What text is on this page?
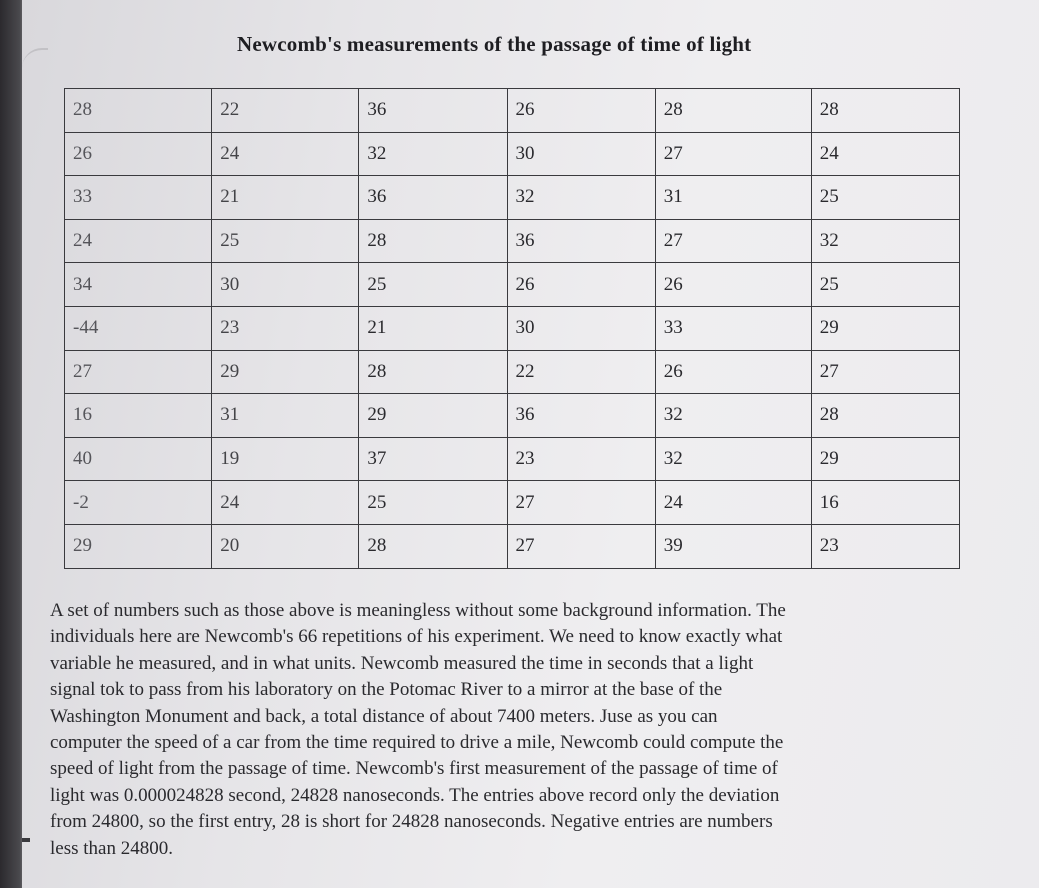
Newcomb's measurements of the passage of time of light
28	22	36	26	28	28
26	24	32	30	27	24
33	21	36	32	31	25
24	25	28	36	27	32
34	30	25	26	26	25
-44	23	21	30	33	29
27	29	28	22	26	27
16	31	29	36	32	28
40	19	37	23	32	29
-2	24	25	27	24	16
29	20	28	27	39	23

A set of numbers such as those above is meaningless without some background information. The

individuals here are Newcomb's 66 repetitions of his experiment. We need to know exactly what

variable he measured, and in what units. Newcomb measured the time in seconds that a light

signal tok to pass from his laboratory on the Potomac River to a mirror at the base of the

Washington Monument and back, a total distance of about 7400 meters. Juse as you can

computer the speed of a car from the time required to drive a mile, Newcomb could compute the

speed of light from the passage of time. Newcomb's first measurement of the passage of time of

light was 0.000024828 second, 24828 nanoseconds. The entries above record only the deviation

from 24800, so the first entry, 28 is short for 24828 nanoseconds. Negative entries are numbers

less than 24800.
